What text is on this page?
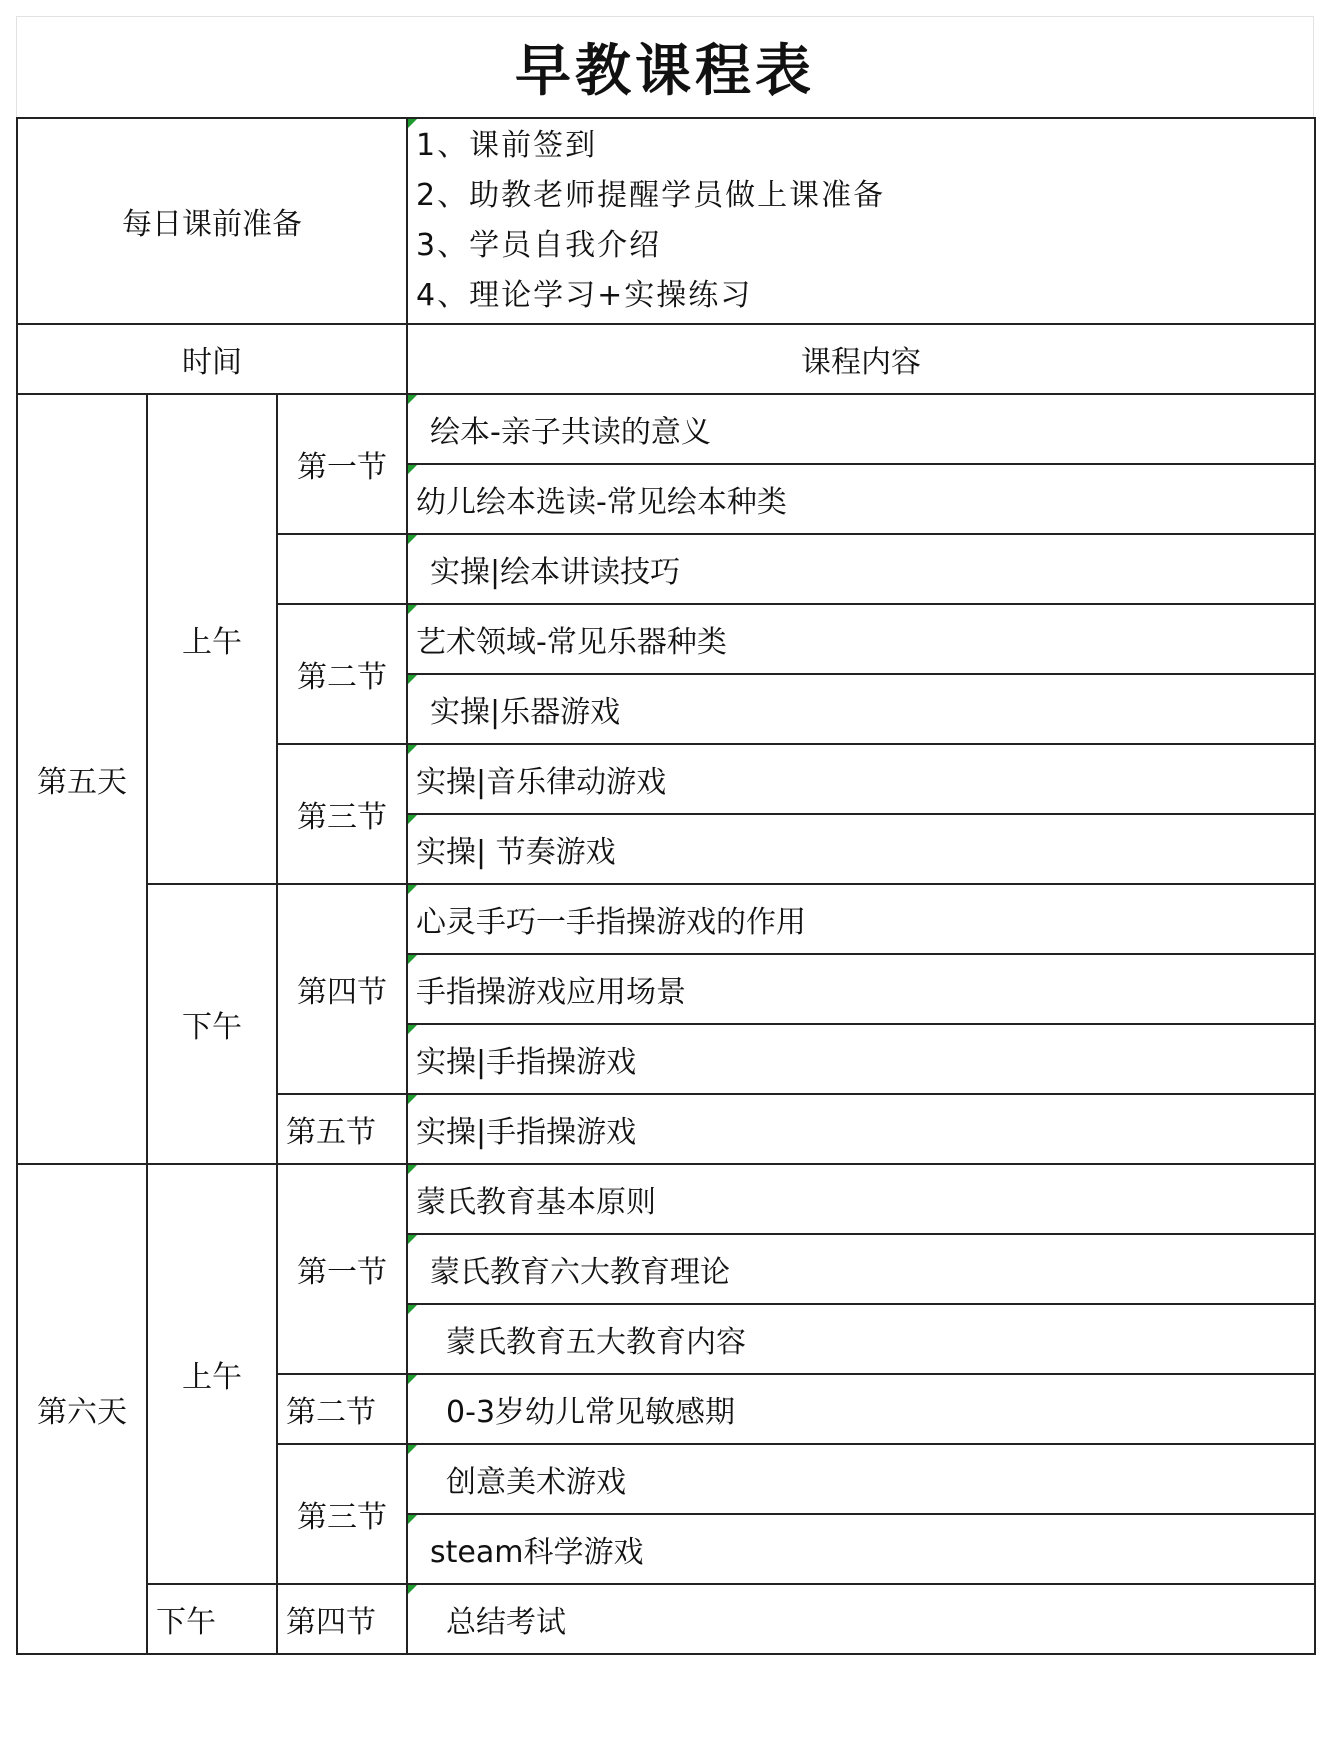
早教课程表
每日课前准备			1、课前签到
2、助教老师提醒学员做上课准备
3、学员自我介绍
4、理论学习+实操练习

时间			课程内容
第五天	上午	第一节	绘本-亲子共读的意义
			幼儿绘本选读-常见绘本种类
			实操|绘本讲读技巧
		第二节	艺术领域-常见乐器种类
			实操|乐器游戏
		第三节	实操|音乐律动游戏
			实操| 节奏游戏
	下午	第四节	心灵手巧一手指操游戏的作用
			手指操游戏应用场景
			实操|手指操游戏
		第五节	实操|手指操游戏
第六天	上午	第一节	蒙氏教育基本原则
			蒙氏教育六大教育理论
			蒙氏教育五大教育内容
		第二节	0-3岁幼儿常见敏感期
		第三节	创意美术游戏
			steam科学游戏
	下午	第四节	总结考试
